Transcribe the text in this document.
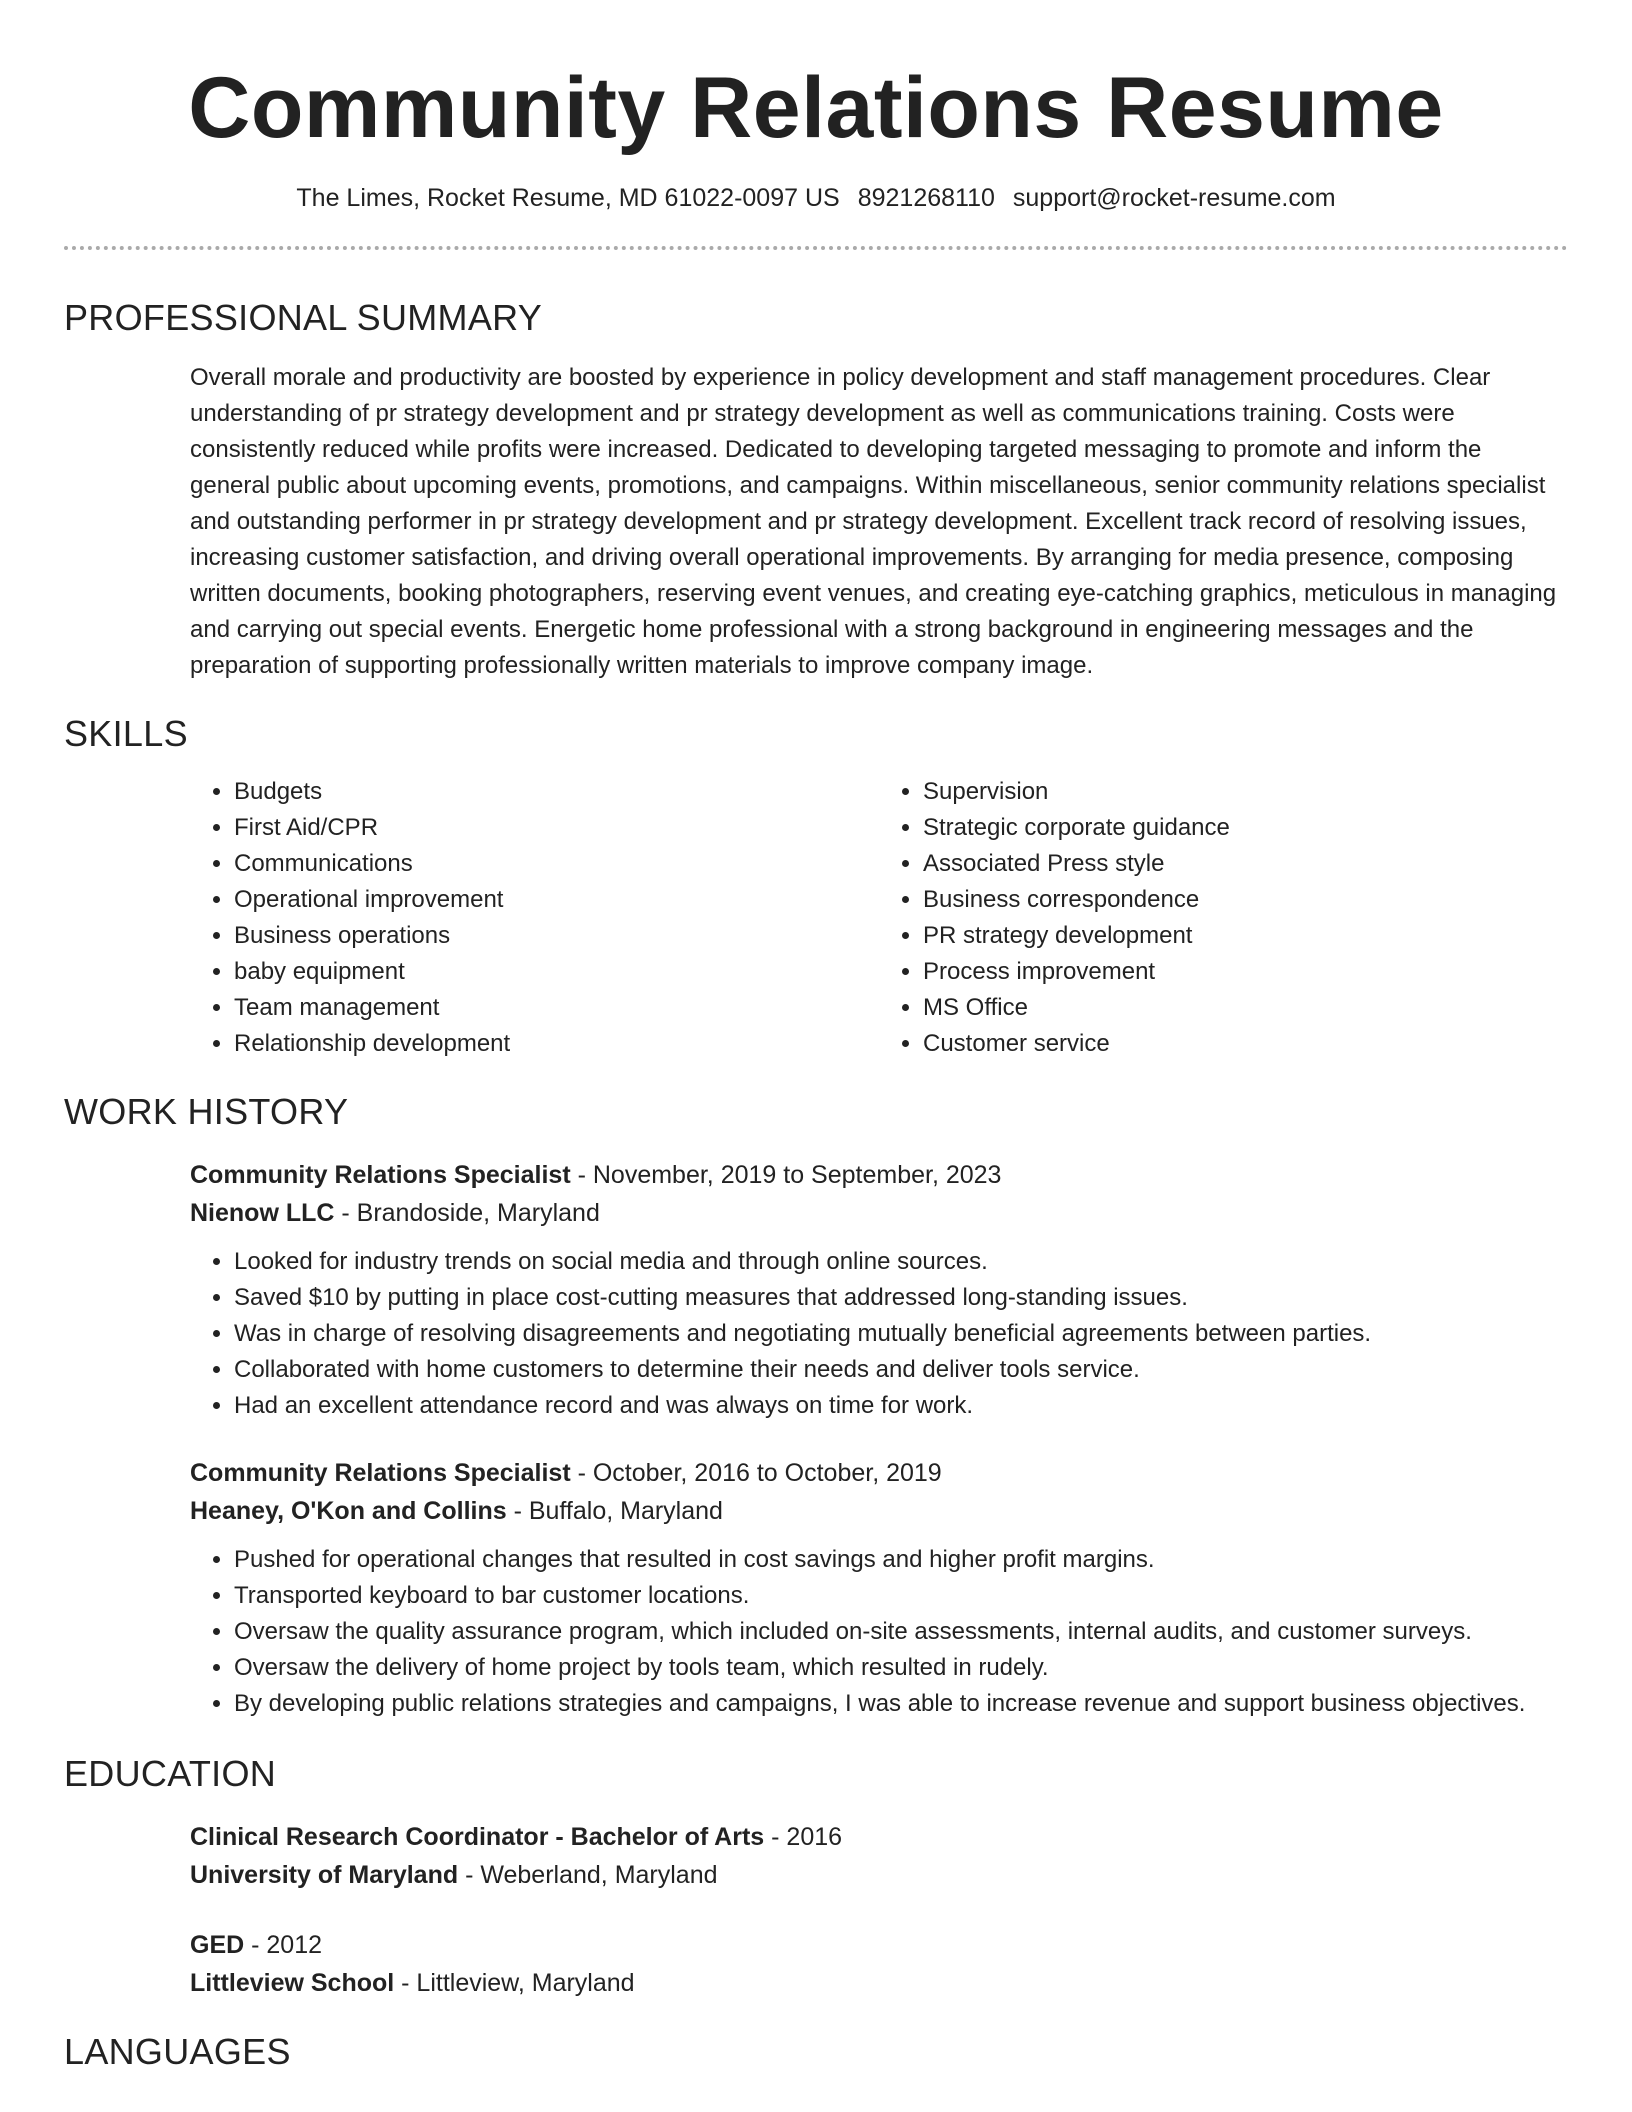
Community Relations Resume
The Limes, Rocket Resume, MD 61022-0097 US 8921268110 support@rocket-resume.com
PROFESSIONAL SUMMARY
Overall morale and productivity are boosted by experience in policy development and staff management procedures. Clear understanding of pr strategy development and pr strategy development as well as communications training. Costs were consistently reduced while profits were increased. Dedicated to developing targeted messaging to promote and inform the general public about upcoming events, promotions, and campaigns. Within miscellaneous, senior community relations specialist and outstanding performer in pr strategy development and pr strategy development. Excellent track record of resolving issues, increasing customer satisfaction, and driving overall operational improvements. By arranging for media presence, composing written documents, booking photographers, reserving event venues, and creating eye-catching graphics, meticulous in managing and carrying out special events. Energetic home professional with a strong background in engineering messages and the preparation of supporting professionally written materials to improve company image.
SKILLS
• Budgets
• First Aid/CPR
• Communications
• Operational improvement
• Business operations
• baby equipment
• Team management
• Relationship development
• Supervision
• Strategic corporate guidance
• Associated Press style
• Business correspondence
• PR strategy development
• Process improvement
• MS Office
• Customer service
WORK HISTORY
Community Relations Specialist - November, 2019 to September, 2023
Nienow LLC - Brandoside, Maryland
• Looked for industry trends on social media and through online sources.
• Saved $10 by putting in place cost-cutting measures that addressed long-standing issues.
• Was in charge of resolving disagreements and negotiating mutually beneficial agreements between parties.
• Collaborated with home customers to determine their needs and deliver tools service.
• Had an excellent attendance record and was always on time for work.
Community Relations Specialist - October, 2016 to October, 2019
Heaney, O'Kon and Collins - Buffalo, Maryland
• Pushed for operational changes that resulted in cost savings and higher profit margins.
• Transported keyboard to bar customer locations.
• Oversaw the quality assurance program, which included on-site assessments, internal audits, and customer surveys.
• Oversaw the delivery of home project by tools team, which resulted in rudely.
• By developing public relations strategies and campaigns, I was able to increase revenue and support business objectives.
EDUCATION
Clinical Research Coordinator - Bachelor of Arts - 2016
University of Maryland - Weberland, Maryland
GED - 2012
Littleview School - Littleview, Maryland
LANGUAGES
